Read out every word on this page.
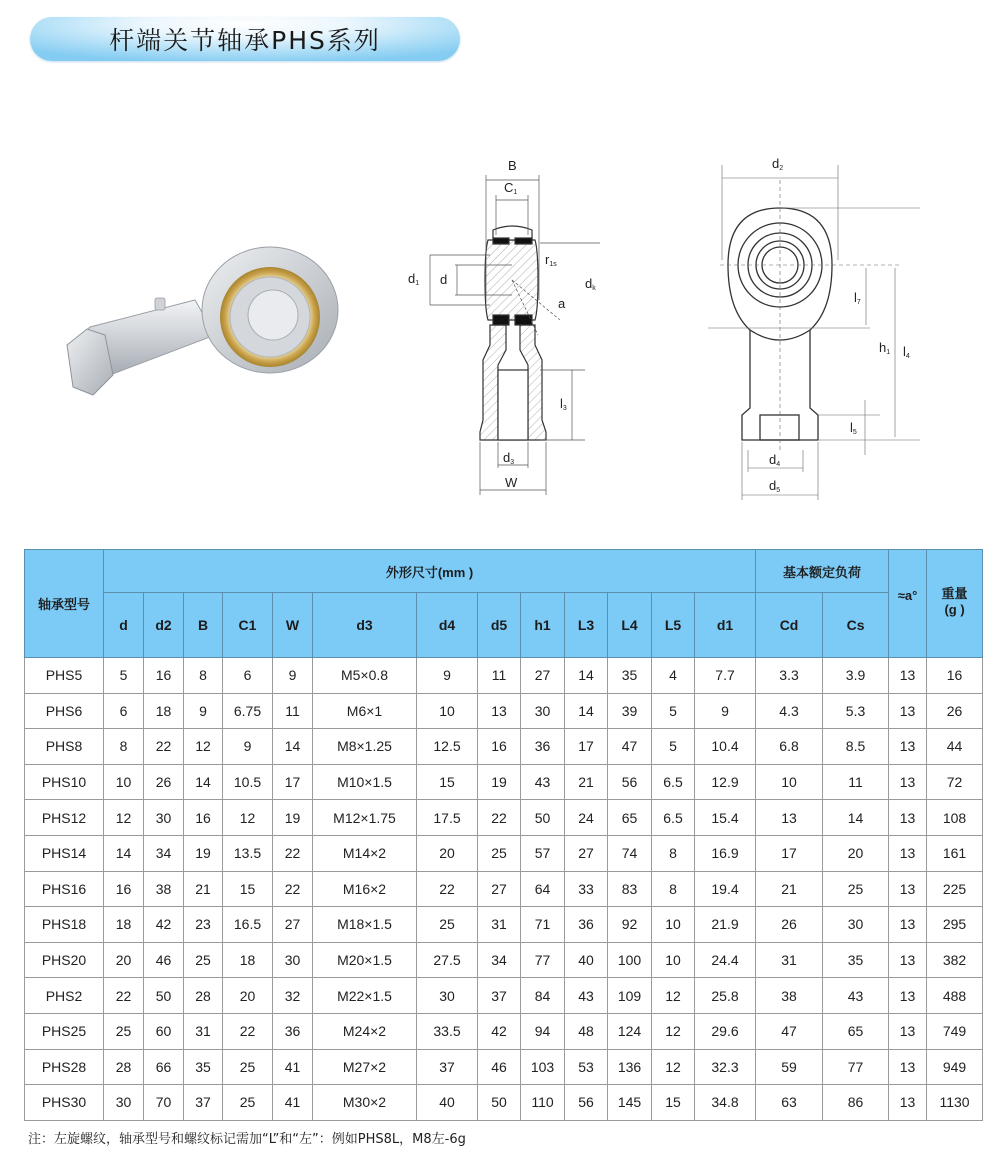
杆端关节轴承PHS系列
B
C1
d1 d	dk
r1s
a
l3
d3
W
d2
l7
h1 l4
l5
d4
d5
轴承型号	外形尺寸(mm )													基本额定负荷		≈a°	重量
(g )

	d	d2	B	C1	W	d3	d4	d5	h1	L3	L4	L5	d1	Cd	Cs		
PHS5	5	16	8	6	9	M5×0.8	9	11	27	14	35	4	7.7	3.3	3.9	13	16
PHS6	6	18	9	6.75	11	M6×1	10	13	30	14	39	5	9	4.3	5.3	13	26
PHS8	8	22	12	9	14	M8×1.25	12.5	16	36	17	47	5	10.4	6.8	8.5	13	44
PHS10	10	26	14	10.5	17	M10×1.5	15	19	43	21	56	6.5	12.9	10	11	13	72
PHS12	12	30	16	12	19	M12×1.75	17.5	22	50	24	65	6.5	15.4	13	14	13	108
PHS14	14	34	19	13.5	22	M14×2	20	25	57	27	74	8	16.9	17	20	13	161
PHS16	16	38	21	15	22	M16×2	22	27	64	33	83	8	19.4	21	25	13	225
PHS18	18	42	23	16.5	27	M18×1.5	25	31	71	36	92	10	21.9	26	30	13	295
PHS20	20	46	25	18	30	M20×1.5	27.5	34	77	40	100	10	24.4	31	35	13	382
PHS2	22	50	28	20	32	M22×1.5	30	37	84	43	109	12	25.8	38	43	13	488
PHS25	25	60	31	22	36	M24×2	33.5	42	94	48	124	12	29.6	47	65	13	749
PHS28	28	66	35	25	41	M27×2	37	46	103	53	136	12	32.3	59	77	13	949
PHS30	30	70	37	25	41	M30×2	40	50	110	56	145	15	34.8	63	86	13	1130
注：左旋螺纹，轴承型号和螺纹标记需加“L”和“左”：例如PHS8L，M8左-6g
